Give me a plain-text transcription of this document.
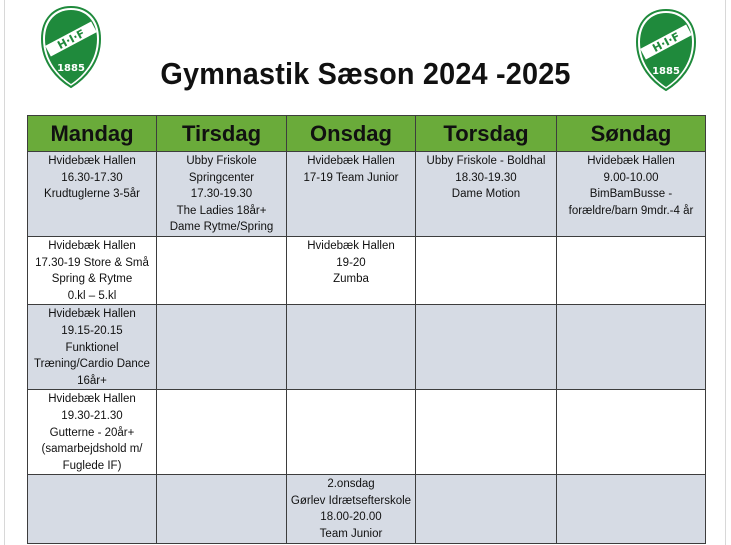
H·I·F
1885
H·I·F
1885
Gymnastik Sæson 2024 -2025
Mandag	Tirsdag	Onsdag	Torsdag	Søndag

Hvidebæk Hallen
16.30-17.30
Krudtuglerne 3-5år	Ubby Friskole
Springcenter
17.30-19.30
The Ladies 18år+
Dame Rytme/Spring	Hvidebæk Hallen
17-19 Team Junior	Ubby Friskole - Boldhal
18.30-19.30
Dame Motion	Hvidebæk Hallen
9.00-10.00
BimBamBusse -
forældre/barn 9mdr.-4 år

Hvidebæk Hallen
17.30-19 Store & Små
Spring & Rytme
0.kl – 5.kl		Hvidebæk Hallen
19-20
Zumba		

Hvidebæk Hallen
19.15-20.15
Funktionel
Træning/Cardio Dance
16år+				

Hvidebæk Hallen
19.30-21.30
Gutterne - 20år+
(samarbejdshold m/
Fuglede IF)				

		2.onsdag
Gørlev Idrætsefterskole
18.00-20.00
Team Junior		
